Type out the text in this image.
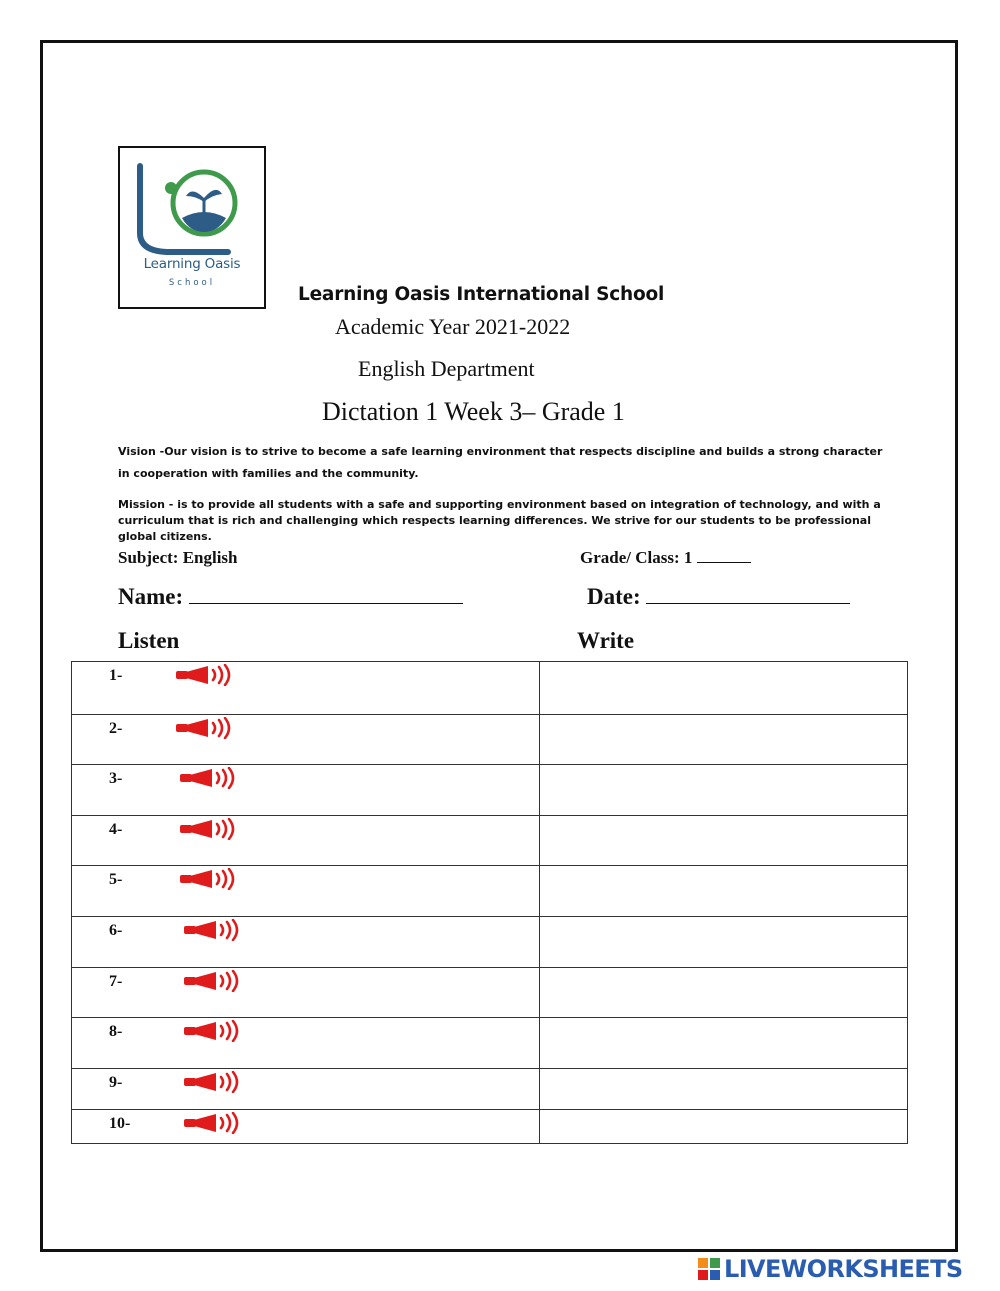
Learning Oasis
School
Learning Oasis International School
Academic Year 2021-2022
English Department
Dictation 1 Week 3– Grade 1
Vision -Our vision is to strive to become a safe learning environment that respects discipline and builds a strong character in cooperation with families and the community.
Mission - is to provide all students with a safe and supporting environment based on integration of technology, and with a curriculum that is rich and challenging which respects learning differences. We strive for our students to be professional global citizens.
Subject: English	Grade/ Class: 1
Name:	Date:
Listen	Write
1-
2-
3-
4-
5-
6-
7-
8-
9-
10-
LIVEWORKSHEETS
